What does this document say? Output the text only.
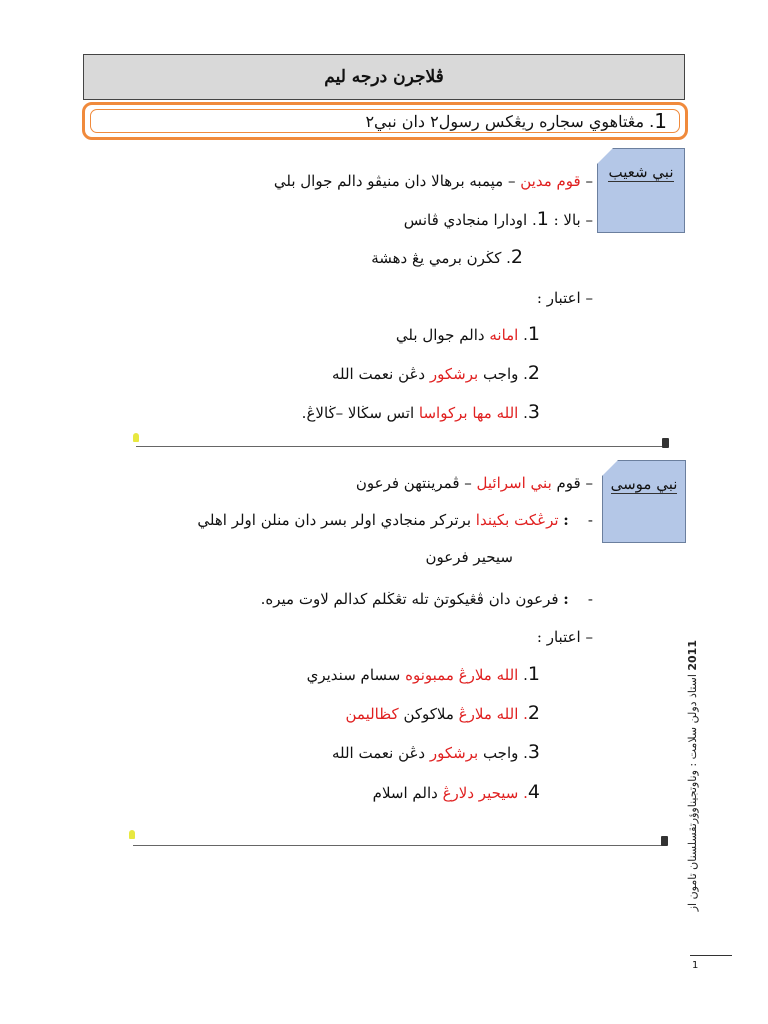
ڤلاجرن درجه ليم
1
. مڠتاهوي سجاره ريڠكس رسول٢ دان نبي٢
نبي شعيب
– قوم مدين – مپمبه برهالا دان منيڤو دالم جوال بلي
– بالا : 1. اودارا منجادي ڤانس
2. كڬرن برمي يڠ دهشة
– اعتبار :
1. امانه دالم جوال بلي
2. واجب برشكور دڠن نعمت الله
3. الله مها بركواسا اتس سڬالا –ڬالاڠ.
نبي موسى
– قوم بني اسرائيل – ڤمرينتهن فرعون
-    : ترڠكت بكيندا برترکر منجادي اولر بسر دان منلن اولر اهلي
سيحير فرعون
-    : فرعون دان ڤڠيكوتڽ تله تڠڬلم كدالم لاوت ميره.
– اعتبار :
1. الله ملارڠ ممبونوه سسام سنديري
2. الله ملارڠ ملاكوكن كظاليمن
3. واجب برشكور دڠن نعمت الله
4. سيحير دلارڠ دالم اسلام
2011 استاذ دولن سلامت : وناوتجيناوؤرتقسلسنان تامون از
1
